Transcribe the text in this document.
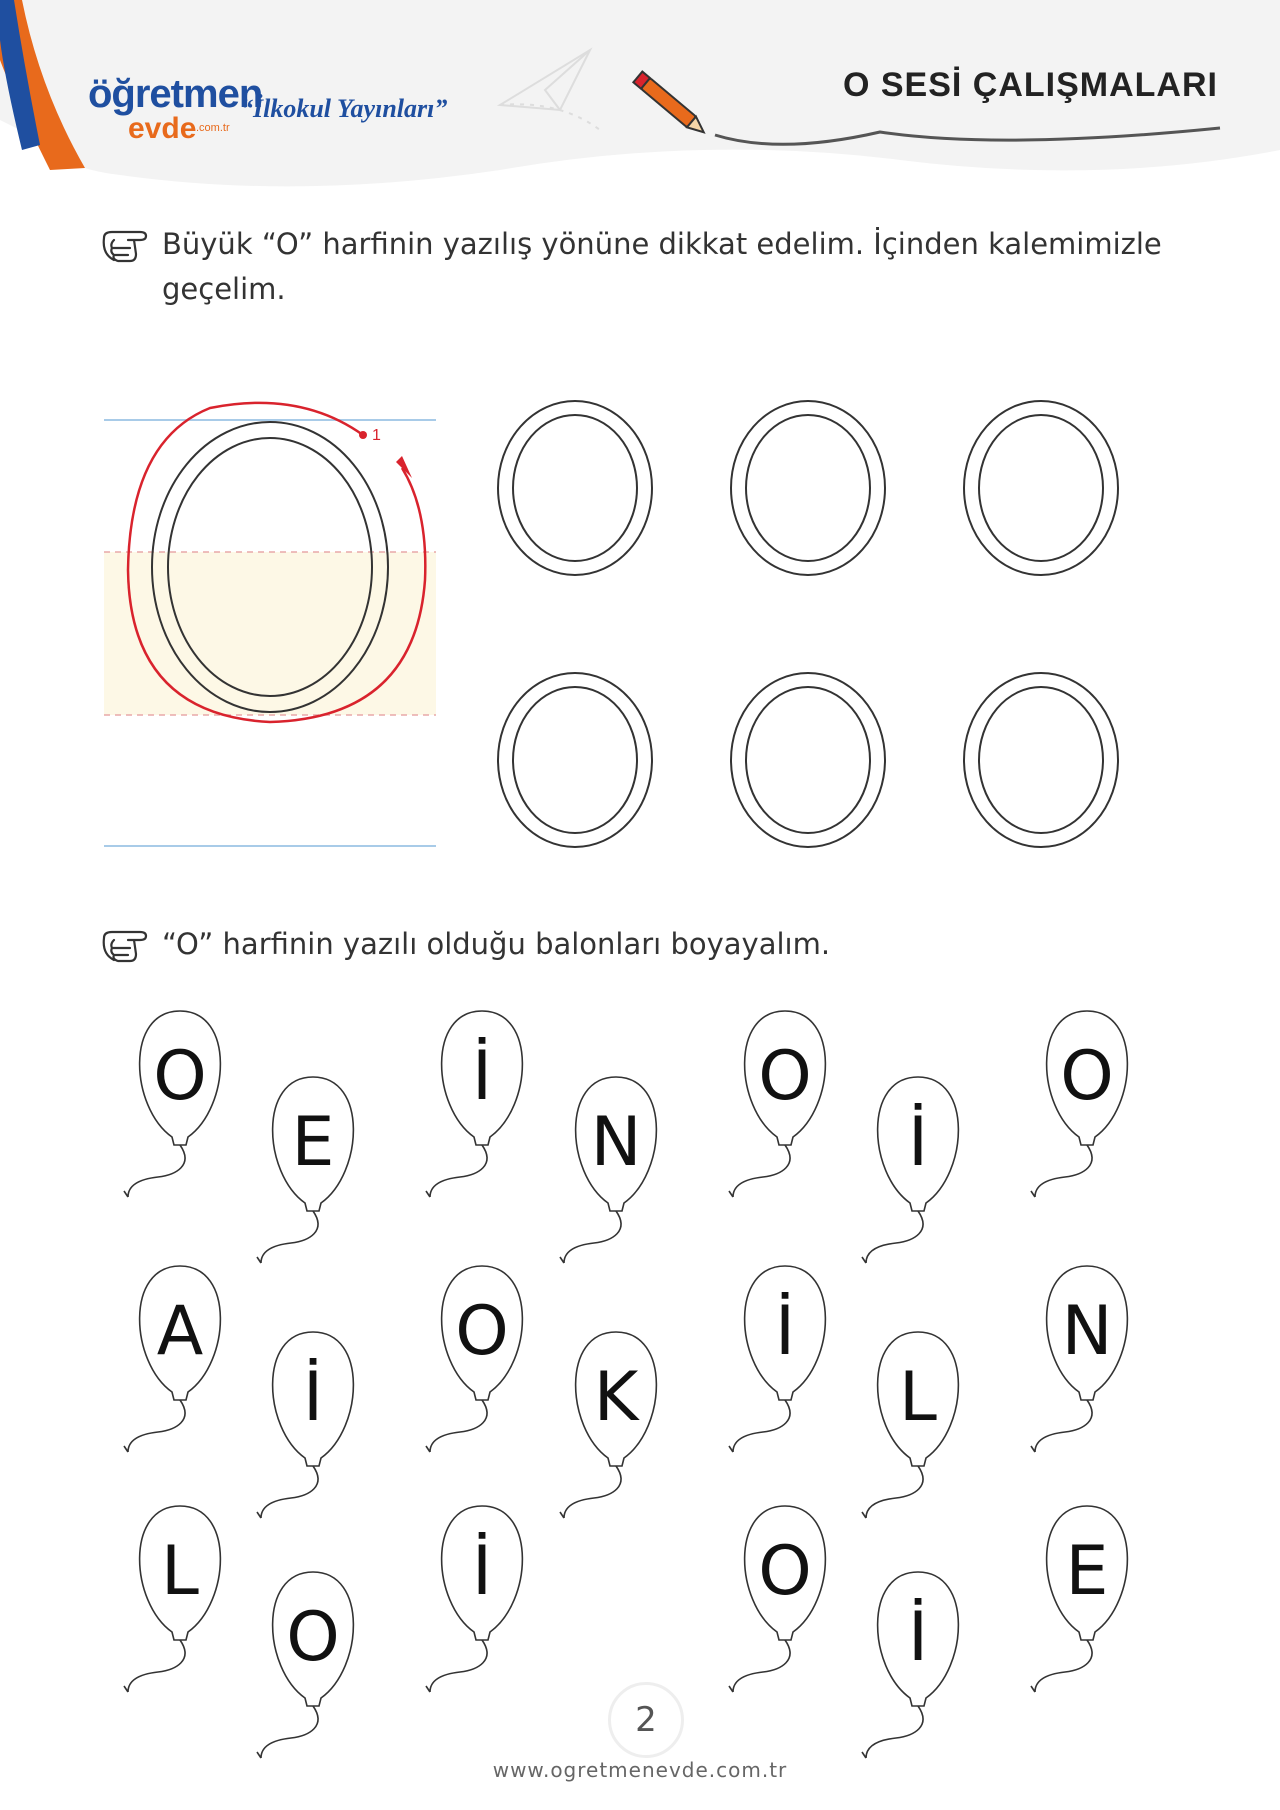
öğretmen
evde .com.tr
“İlkokul Yayınları”
O SESİ ÇALIŞMALARI
Büyük “O” harfinin yazılış yönüne dikkat edelim. İçinden kalemimizle geçelim.
1
“O” harfinin yazılı olduğu balonları boyayalım.
O
E
İ
N
O
İ
O
A
İ
O
K
İ
L
N
L
O
İ	O
İ
E
2
www.ogretmenevde.com.tr
